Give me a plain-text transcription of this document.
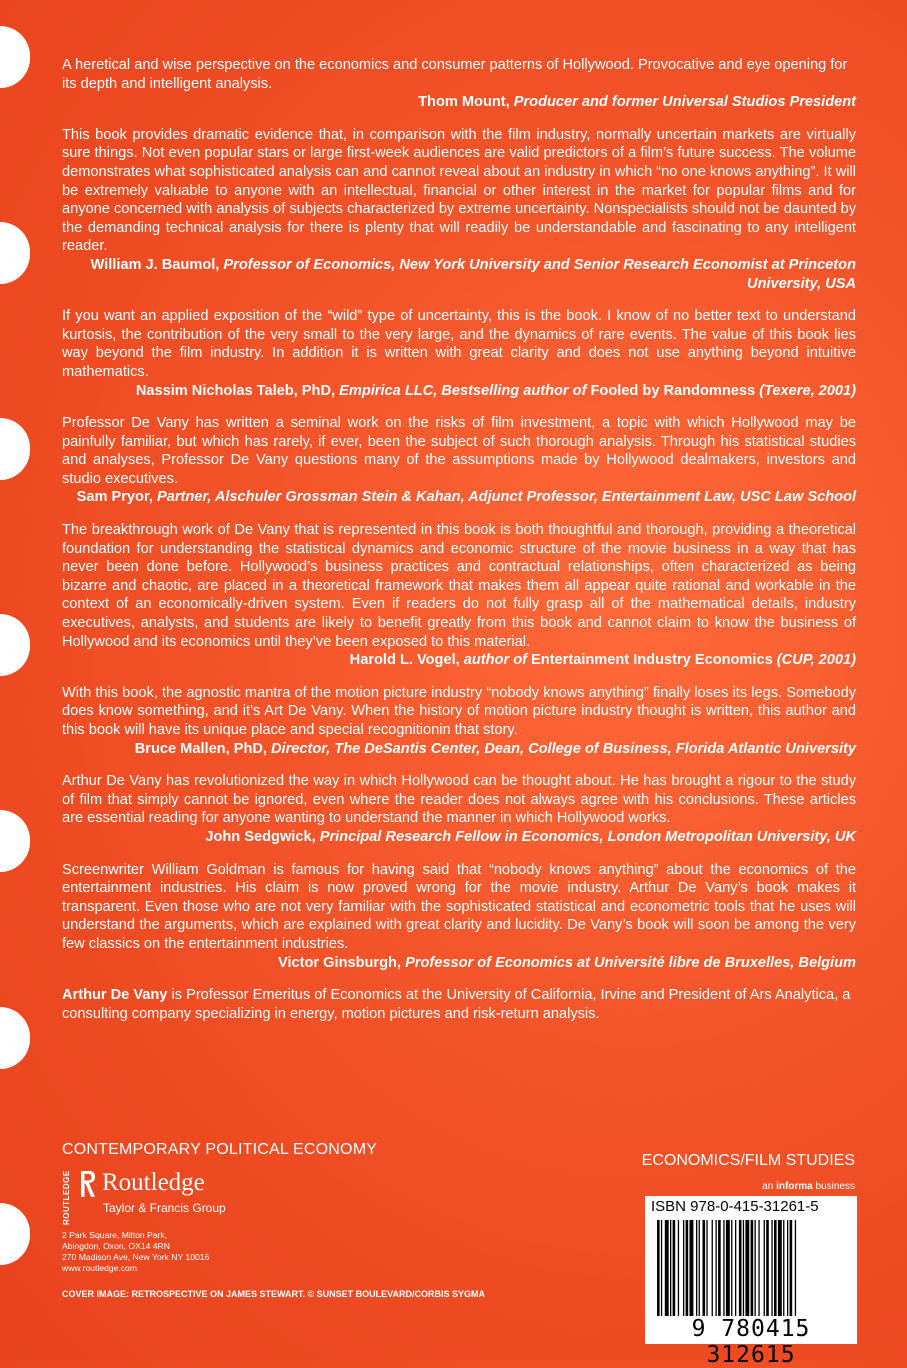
A heretical and wise perspective on the economics and consumer patterns of Hollywood. Provocative and eye opening for its depth and intelligent analysis.

Thom Mount, Producer and former Universal Studios President

This book provides dramatic evidence that, in comparison with the film industry, normally uncertain markets are virtually sure things. Not even popular stars or large first-week audiences are valid predictors of a film’s future success. The volume demonstrates what sophisticated analysis can and cannot reveal about an industry in which “no one knows anything”. It will be extremely valuable to anyone with an intellectual, financial or other interest in the market for popular films and for anyone concerned with analysis of subjects characterized by extreme uncertainty. Nonspecialists should not be daunted by the demanding technical analysis for there is plenty that will readily be understandable and fascinating to any intelligent reader.

William J. Baumol, Professor of Economics, New York University and Senior Research Economist at Princeton University, USA

If you want an applied exposition of the “wild” type of uncertainty, this is the book. I know of no better text to understand kurtosis, the contribution of the very small to the very large, and the dynamics of rare events. The value of this book lies way beyond the film industry. In addition it is written with great clarity and does not use anything beyond intuitive mathematics.

Nassim Nicholas Taleb, PhD, Empirica LLC, Bestselling author of Fooled by Randomness (Texere, 2001)

Professor De Vany has written a seminal work on the risks of film investment, a topic with which Hollywood may be painfully familiar, but which has rarely, if ever, been the subject of such thorough analysis. Through his statistical studies and analyses, Professor De Vany questions many of the assumptions made by Hollywood dealmakers, investors and studio executives.

Sam Pryor, Partner, Alschuler Grossman Stein & Kahan, Adjunct Professor, Entertainment Law, USC Law School

The breakthrough work of De Vany that is represented in this book is both thoughtful and thorough, providing a theoretical foundation for understanding the statistical dynamics and economic structure of the movie business in a way that has never been done before. Hollywood’s business practices and contractual relationships, often characterized as being bizarre and chaotic, are placed in a theoretical framework that makes them all appear quite rational and workable in the context of an economically-driven system. Even if readers do not fully grasp all of the mathematical details, industry executives, analysts, and students are likely to benefit greatly from this book and cannot claim to know the business of Hollywood and its economics until they’ve been exposed to this material.

Harold L. Vogel, author of Entertainment Industry Economics (CUP, 2001)

With this book, the agnostic mantra of the motion picture industry “nobody knows anything” finally loses its legs. Somebody does know something, and it’s Art De Vany. When the history of motion picture industry thought is written, this author and this book will have its unique place and special recognitionin that story.

Bruce Mallen, PhD, Director, The DeSantis Center, Dean, College of Business, Florida Atlantic University

Arthur De Vany has revolutionized the way in which Hollywood can be thought about. He has brought a rigour to the study of film that simply cannot be ignored, even where the reader does not always agree with his conclusions. These articles are essential reading for anyone wanting to understand the manner in which Hollywood works.

John Sedgwick, Principal Research Fellow in Economics, London Metropolitan University, UK

Screenwriter William Goldman is famous for having said that “nobody knows anything” about the economics of the entertainment industries. His claim is now proved wrong for the movie industry. Arthur De Vany’s book makes it transparent. Even those who are not very familiar with the sophisticated statistical and econometric tools that he uses will understand the arguments, which are explained with great clarity and lucidity. De Vany’s book will soon be among the very few classics on the entertainment industries.

Victor Ginsburgh, Professor of Economics at Université libre de Bruxelles, Belgium

Arthur De Vany is Professor Emeritus of Economics at the University of California, Irvine and President of Ars Analytica, a consulting company specializing in energy, motion pictures and risk-return analysis.

CONTEMPORARY POLITICAL ECONOMY
ECONOMICS/FILM STUDIES
an informa business
ROUTLEDGE Routledge
Taylor & Francis Group
2 Park Square, Milton Park,
Abingdon, Oxon, OX14 4RN
270 Madison Ave, New York NY 10016
www.routledge.com
COVER IMAGE: RETROSPECTIVE ON JAMES STEWART. © SUNSET BOULEVARD/CORBIS SYGMA
ISBN 978-0-415-31261-5
9 780415 312615
